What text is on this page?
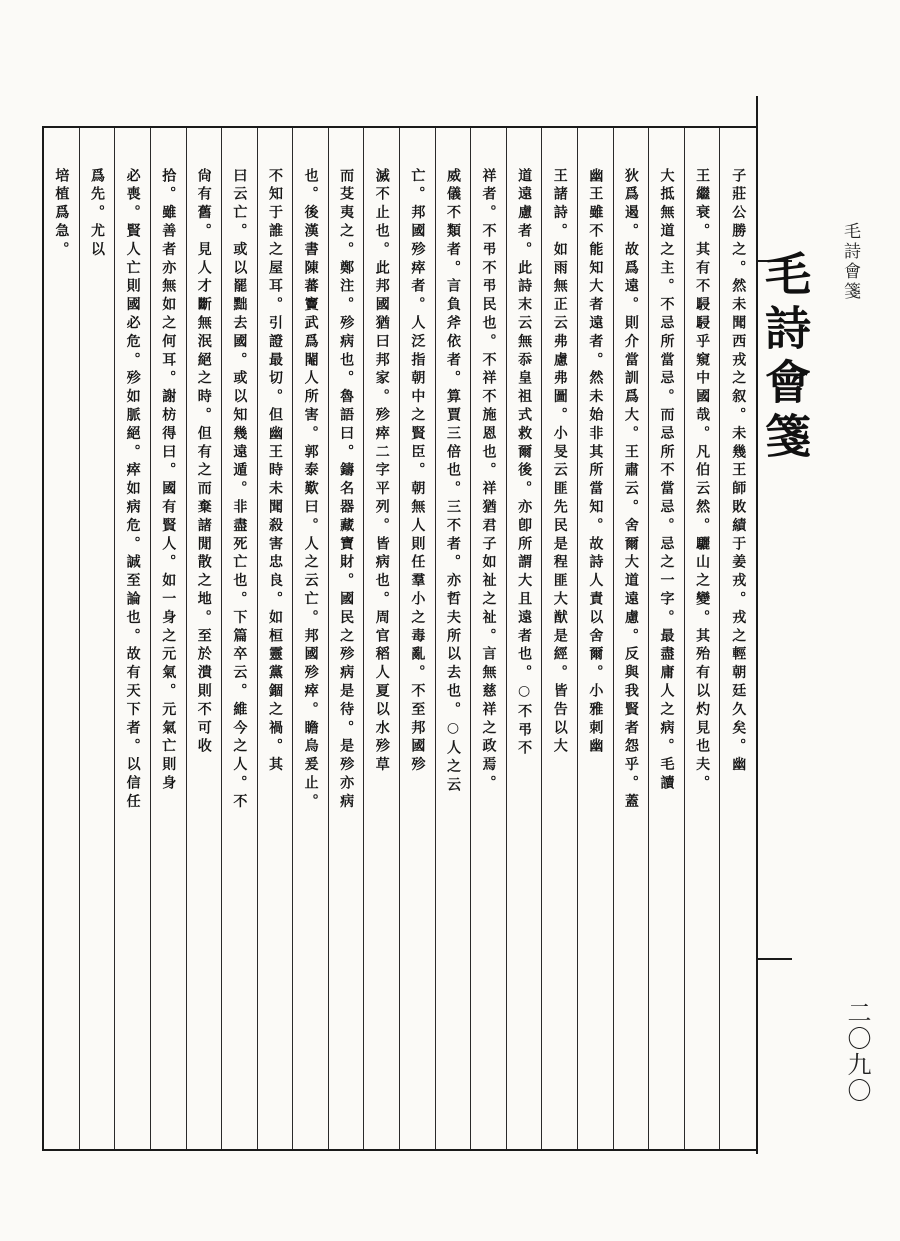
毛詩會箋
毛詩會箋
子莊公勝之。然未聞西戎之叙。未幾王師敗績于姜戎。戎之輕朝廷久矣。幽
王繼衰。其有不駸駸乎窺中國哉。凡伯云然。驪山之變。其殆有以灼見也夫。
大抵無道之主。不忌所當忌。而忌所不當忌。忌之一字。最盡庸人之病。毛讀
狄爲遏。故爲遠。則介當訓爲大。王肅云。舍爾大道遠慮。反與我賢者怨乎。蓋
幽王雖不能知大者遠者。然未始非其所當知。故詩人責以舍爾。小雅刺幽
王諸詩。如雨無正云弗慮弗圖。小旻云匪先民是程匪大猷是經。皆告以大
道遠慮者。此詩末云無忝皇祖式救爾後。亦卽所謂大且遠者也。○不弔不
祥者。不弔不弔民也。不祥不施恩也。祥猶君子如祉之祉。言無慈祥之政焉。
威儀不類者。言負斧依者。算賈三倍也。三不者。亦哲夫所以去也。○人之云
亡。邦國殄瘁者。人泛指朝中之賢臣。朝無人則任羣小之毒亂。不至邦國殄
滅不止也。此邦國猶曰邦家。殄瘁二字平列。皆病也。周官稻人夏以水殄草
而芟夷之。鄭注。殄病也。魯語曰。鑄名器藏寶財。國民之殄病是待。是殄亦病
也。後漢書陳蕃竇武爲閹人所害。郭泰歎曰。人之云亡。邦國殄瘁。瞻烏爰止。
不知于誰之屋耳。引證最切。但幽王時未聞殺害忠良。如桓靈黨錮之禍。其
曰云亡。或以罷黜去國。或以知幾遠遁。非盡死亡也。下篇卒云。維今之人。不
尙有舊。見人才斷無泯絕之時。但有之而棄諸閒散之地。至於潰則不可收
拾。雖善者亦無如之何耳。謝枋得曰。國有賢人。如一身之元氣。元氣亡則身
必喪。賢人亡則國必危。殄如脈絕。瘁如病危。誠至論也。故有天下者。以信任
爲先。尤以
培植爲急。
二〇九〇
